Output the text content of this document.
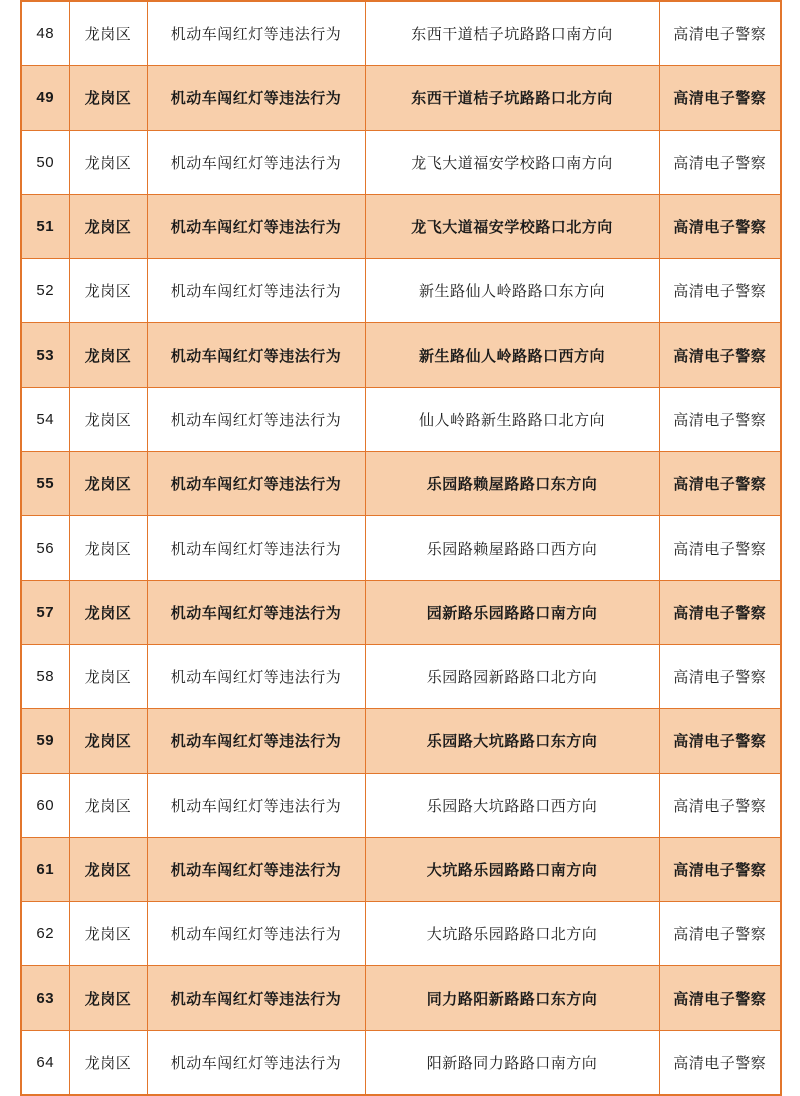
48	龙岗区	机动车闯红灯等违法行为	东西干道桔子坑路路口南方向	高清电子警察
49	龙岗区	机动车闯红灯等违法行为	东西干道桔子坑路路口北方向	高清电子警察
50	龙岗区	机动车闯红灯等违法行为	龙飞大道福安学校路口南方向	高清电子警察
51	龙岗区	机动车闯红灯等违法行为	龙飞大道福安学校路口北方向	高清电子警察
52	龙岗区	机动车闯红灯等违法行为	新生路仙人岭路路口东方向	高清电子警察
53	龙岗区	机动车闯红灯等违法行为	新生路仙人岭路路口西方向	高清电子警察
54	龙岗区	机动车闯红灯等违法行为	仙人岭路新生路路口北方向	高清电子警察
55	龙岗区	机动车闯红灯等违法行为	乐园路赖屋路路口东方向	高清电子警察
56	龙岗区	机动车闯红灯等违法行为	乐园路赖屋路路口西方向	高清电子警察
57	龙岗区	机动车闯红灯等违法行为	园新路乐园路路口南方向	高清电子警察
58	龙岗区	机动车闯红灯等违法行为	乐园路园新路路口北方向	高清电子警察
59	龙岗区	机动车闯红灯等违法行为	乐园路大坑路路口东方向	高清电子警察
60	龙岗区	机动车闯红灯等违法行为	乐园路大坑路路口西方向	高清电子警察
61	龙岗区	机动车闯红灯等违法行为	大坑路乐园路路口南方向	高清电子警察
62	龙岗区	机动车闯红灯等违法行为	大坑路乐园路路口北方向	高清电子警察
63	龙岗区	机动车闯红灯等违法行为	同力路阳新路路口东方向	高清电子警察
64	龙岗区	机动车闯红灯等违法行为	阳新路同力路路口南方向	高清电子警察
